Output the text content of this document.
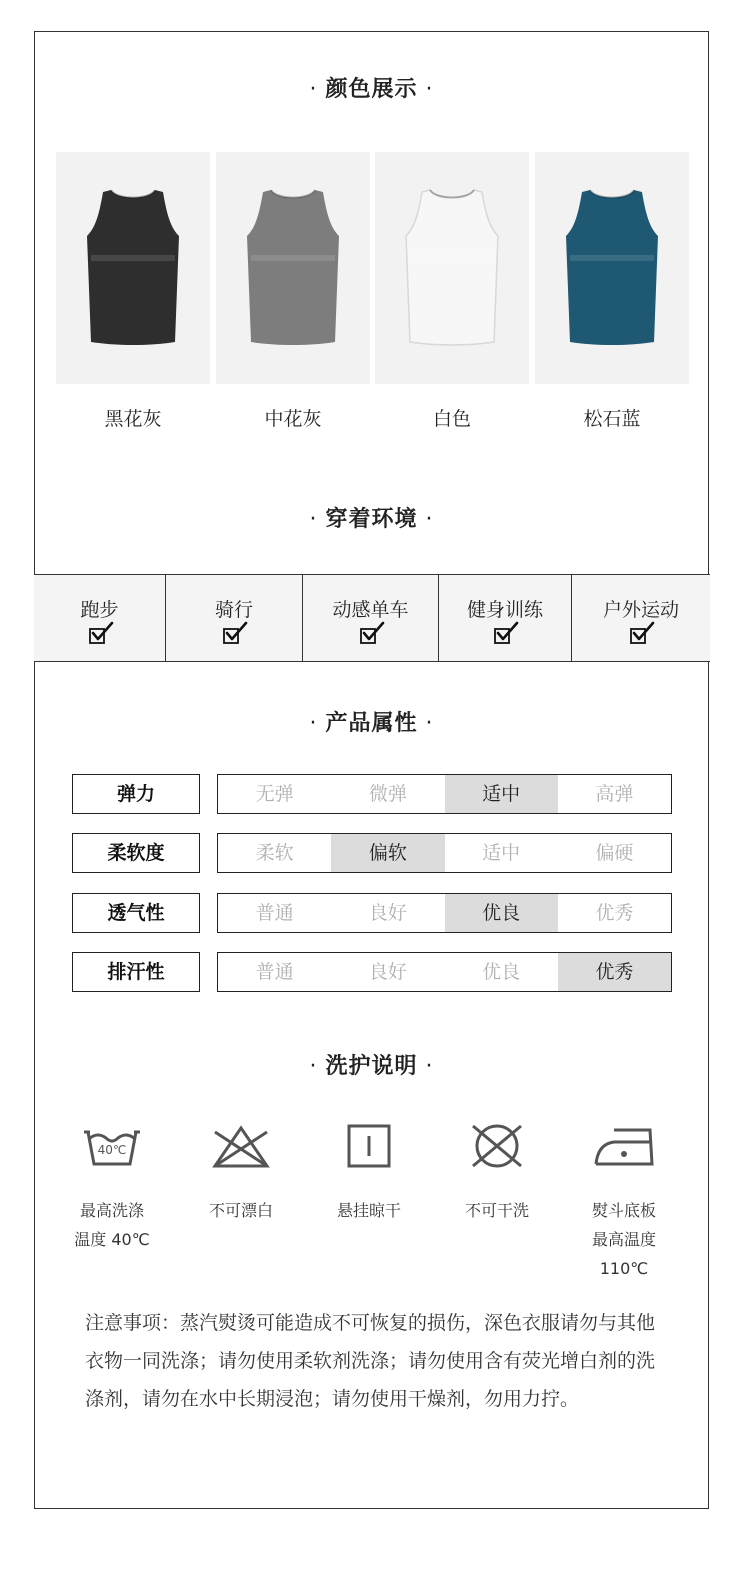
· 颜色展示 ·
黑花灰	中花灰	白色	松石蓝
· 穿着环境 ·
跑步	骑行	动感单车	健身训练	户外运动
· 产品属性 ·
弹力	无弹	微弹	适中	高弹
柔软度	柔软	偏软	适中	偏硬
透气性	普通	良好	优良	优秀
排汗性	普通	良好	优良	优秀
· 洗护说明 ·
40℃
最高洗涤
温度 40℃
不可漂白	悬挂晾干	不可干洗	熨斗底板
最高温度
110℃
注意事项：蒸汽熨烫可能造成不可恢复的损伤，深色衣服请勿与其他衣物一同洗涤；请勿使用柔软剂洗涤；请勿使用含有荧光增白剂的洗涤剂，请勿在水中长期浸泡；请勿使用干燥剂，勿用力拧。
